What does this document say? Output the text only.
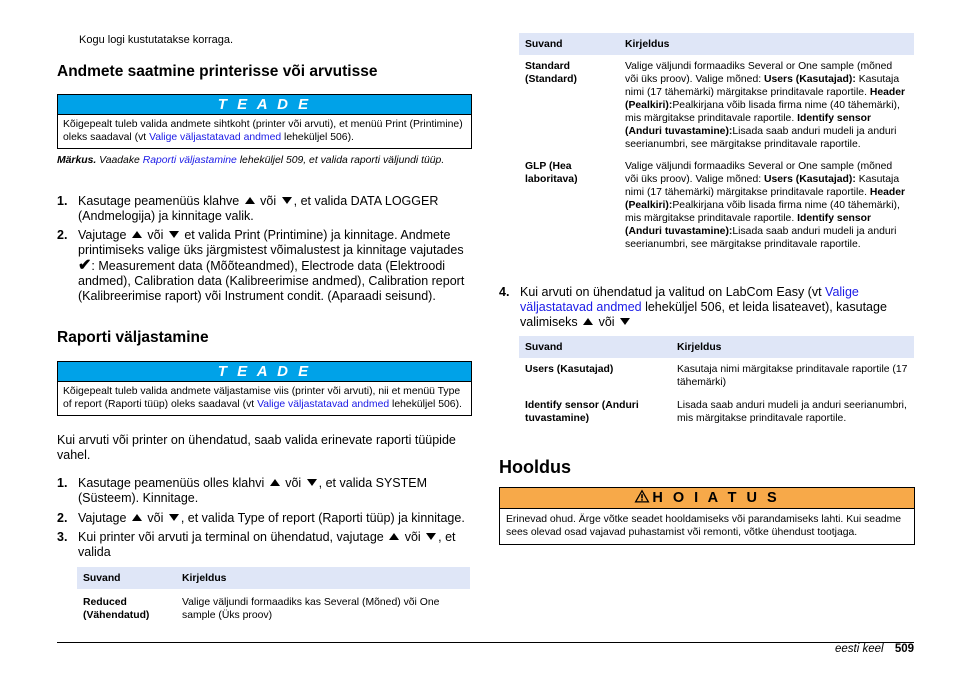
Kogu logi kustutatakse korraga.
Andmete saatmine printerisse või arvutisse
T E A D E
Kõigepealt tuleb valida andmete sihtkoht (printer või arvuti), et menüü Print (Printimine) oleks saadaval (vt Valige väljastatavad andmed leheküljel 506).
Märkus. Vaadake Raporti väljastamine leheküljel 509, et valida raporti väljundi tüüp.
1. Kasutage peamenüüs klahve  või , et valida DATA LOGGER (Andmelogija) ja kinnitage valik.
2. Vajutage  või  et valida Print (Printimine) ja kinnitage. Andmete printimiseks valige üks järgmistest võimalustest ja kinnitage vajutades ✔: Measurement data (Mõõteandmed), Electrode data (Elektroodi andmed), Calibration data (Kalibreerimise andmed), Calibration report (Kalibreerimise raport) või Instrument condit. (Aparaadi seisund).
Raporti väljastamine
T E A D E
Kõigepealt tuleb valida andmete väljastamise viis (printer või arvuti), nii et menüü Type of report (Raporti tüüp) oleks saadaval (vt Valige väljastatavad andmed leheküljel 506).
Kui arvuti või printer on ühendatud, saab valida erinevate raporti tüüpide vahel.
1. Kasutage peamenüüs olles klahvi  või , et valida SYSTEM (Süsteem). Kinnitage.
2. Vajutage  või , et valida Type of report (Raporti tüüp) ja kinnitage.
3. Kui printer või arvuti ja terminal on ühendatud, vajutage  või , et valida
Suvand	Kirjeldus
Reduced (Vähendatud)	Valige väljundi formaadiks kas Several (Mõned) või One sample (Üks proov)
Suvand	Kirjeldus
Standard (Standard)	Valige väljundi formaadiks Several or One sample (mõned või üks proov). Valige mõned: Users (Kasutajad): Kasutaja nimi (17 tähemärki) märgitakse prinditavale raportile. Header (Pealkiri):Pealkirjana võib lisada firma nime (40 tähemärki), mis märgitakse prinditavale raportile. Identify sensor (Anduri tuvastamine):Lisada saab anduri mudeli ja anduri seerianumbri, see märgitakse prinditavale raportile.
GLP (Hea laboritava)	Valige väljundi formaadiks Several or One sample (mõned või üks proov). Valige mõned: Users (Kasutajad): Kasutaja nimi (17 tähemärki) märgitakse prinditavale raportile. Header (Pealkiri):Pealkirjana võib lisada firma nime (40 tähemärki), mis märgitakse prinditavale raportile. Identify sensor (Anduri tuvastamine):Lisada saab anduri mudeli ja anduri seerianumbri, see märgitakse prinditavale raportile.
4. Kui arvuti on ühendatud ja valitud on LabCom Easy (vt Valige väljastatavad andmed leheküljel 506, et leida lisateavet), kasutage valimiseks  või
Suvand	Kirjeldus
Users (Kasutajad)	Kasutaja nimi märgitakse prinditavale raportile (17 tähemärki)
Identify sensor (Anduri tuvastamine)	Lisada saab anduri mudeli ja anduri seerianumbri, mis märgitakse prinditavale raportile.
Hooldus
H O I A T U S
Erinevad ohud. Ärge võtke seadet hooldamiseks või parandamiseks lahti. Kui seadme sees olevad osad vajavad puhastamist või remonti, võtke ühendust tootjaga.
eesti keel 509
